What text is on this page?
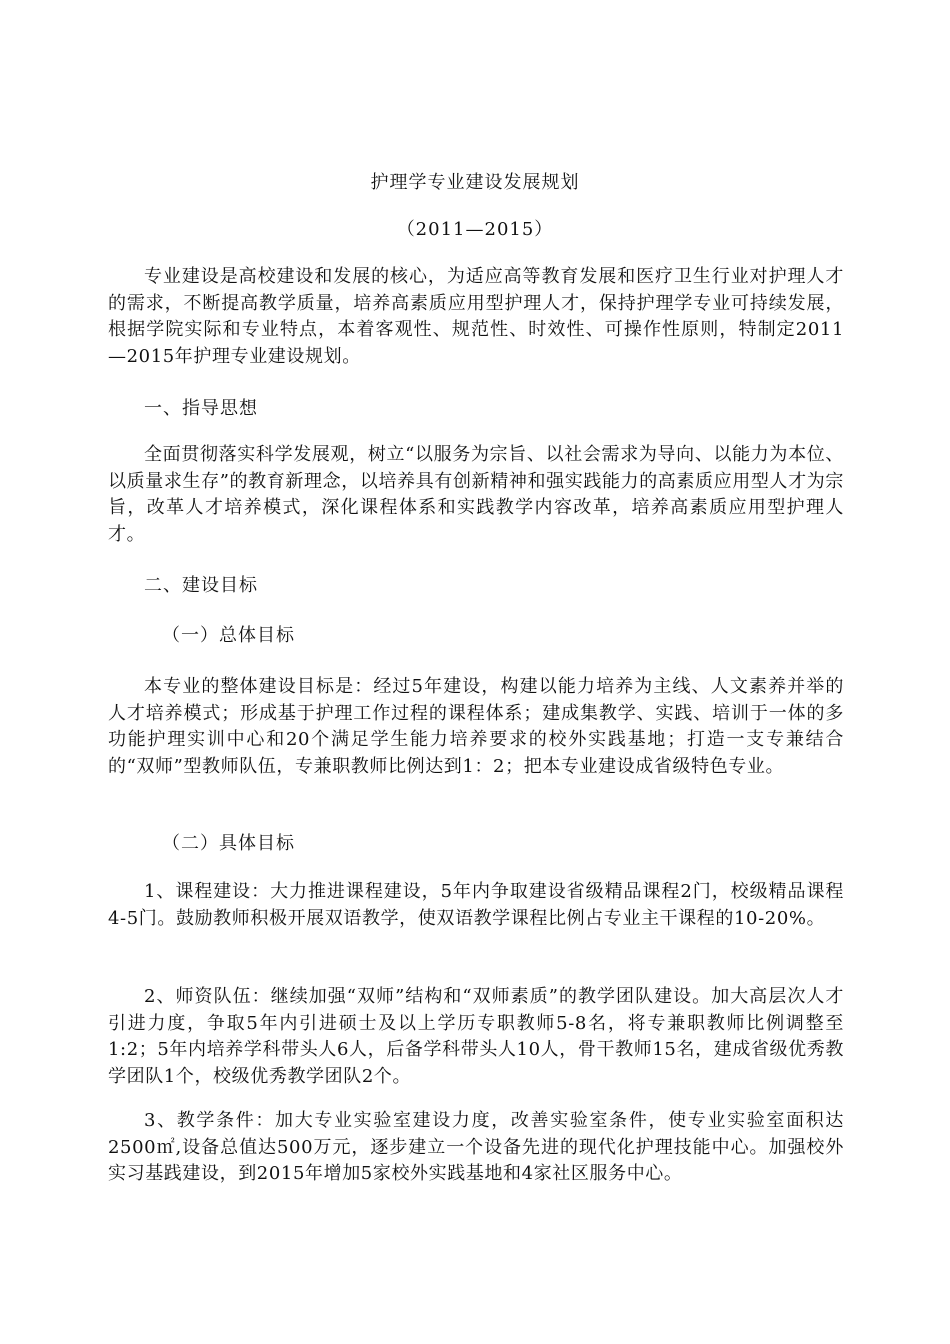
护理学专业建设发展规划
（2011—2015）

专业建设是高校建设和发展的核心，为适应高等教育发展和医疗卫生行业对护理人才的需求，不断提高教学质量，培养高素质应用型护理人才，保持护理学专业可持续发展，根据学院实际和专业特点，本着客观性、规范性、时效性、可操作性原则，特制定2011—2015年护理专业建设规划。

一、指导思想

全面贯彻落实科学发展观，树立“以服务为宗旨、以社会需求为导向、以能力为本位、以质量求生存”的教育新理念，以培养具有创新精神和强实践能力的高素质应用型人才为宗旨，改革人才培养模式，深化课程体系和实践教学内容改革，培养高素质应用型护理人才。

二、建设目标

（一）总体目标

本专业的整体建设目标是：经过5年建设，构建以能力培养为主线、人文素养并举的人才培养模式；形成基于护理工作过程的课程体系；建成集教学、实践、培训于一体的多功能护理实训中心和20个满足学生能力培养要求的校外实践基地；打造一支专兼结合的“双师”型教师队伍，专兼职教师比例达到1：2；把本专业建设成省级特色专业。

（二）具体目标

1、课程建设：大力推进课程建设，5年内争取建设省级精品课程2门，校级精品课程4-5门。鼓励教师积极开展双语教学，使双语教学课程比例占专业主干课程的10-20%。

2、师资队伍：继续加强“双师”结构和“双师素质”的教学团队建设。加大高层次人才引进力度，争取5年内引进硕士及以上学历专职教师5-8名，将专兼职教师比例调整至1:2；5年内培养学科带头人6人，后备学科带头人10人，骨干教师15名，建成省级优秀教学团队1个，校级优秀教学团队2个。

3、教学条件：加大专业实验室建设力度，改善实验室条件，使专业实验室面积达2500㎡,设备总值达500万元，逐步建立一个设备先进的现代化护理技能中心。加强校外实习基践建设，到2015年增加5家校外实践基地和4家社区服务中心。
